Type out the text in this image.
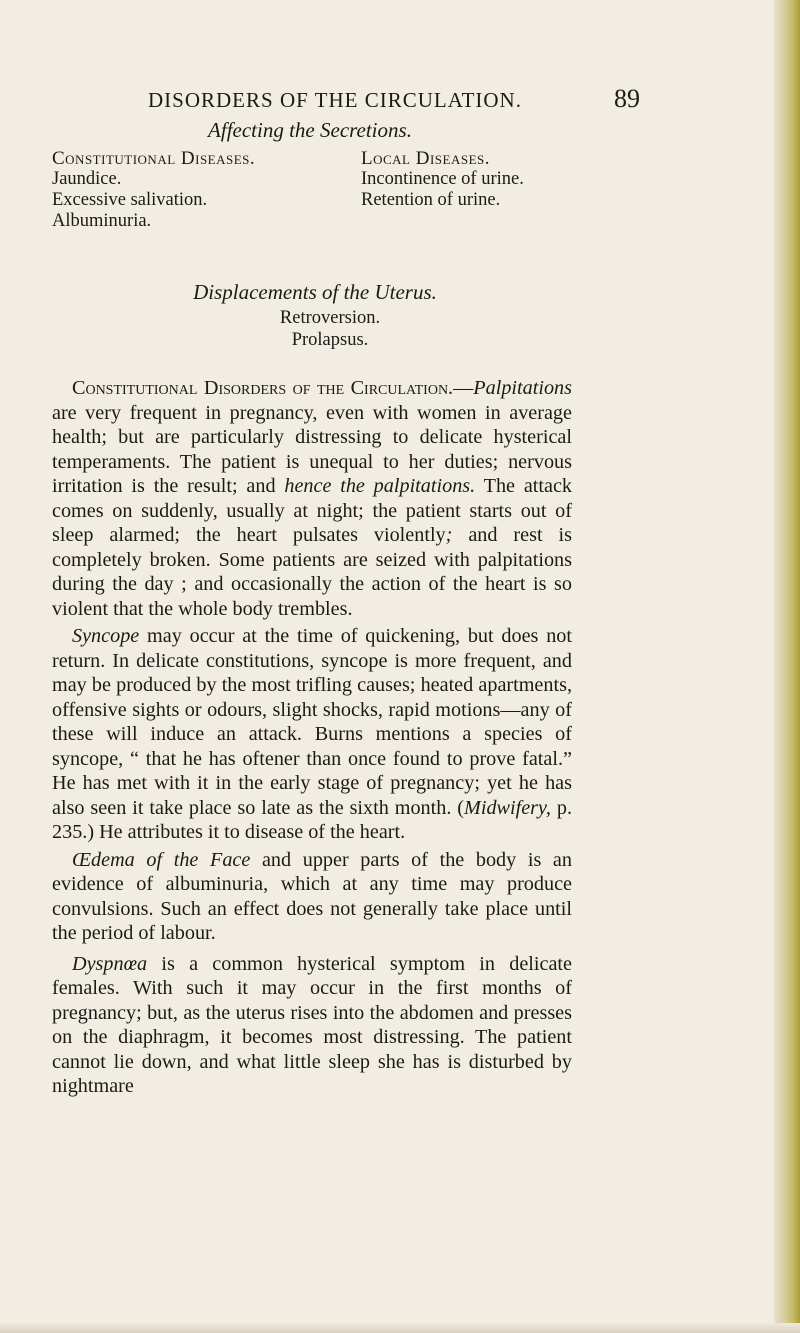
DISORDERS OF THE CIRCULATION.	89
Affecting the Secretions.
Constitutional Diseases.
Jaundice.
Excessive salivation.
Albuminuria.
Local Diseases.
Incontinence of urine.
Retention of urine.
Displacements of the Uterus.
Retroversion.
Prolapsus.

Constitutional Disorders of the Circulation.—Palpitations are very frequent in pregnancy, even with women in average health; but are particularly distressing to delicate hysterical temperaments. The patient is unequal to her duties; nervous irritation is the result; and hence the palpitations. The attack comes on suddenly, usually at night; the patient starts out of sleep alarmed; the heart pulsates violently; and rest is completely broken. Some patients are seized with palpitations during the day ; and occasionally the action of the heart is so violent that the whole body trembles.

Syncope may occur at the time of quickening, but does not return. In delicate constitutions, syncope is more frequent, and may be produced by the most trifling causes; heated apartments, offensive sights or odours, slight shocks, rapid motions—any of these will induce an attack. Burns mentions a species of syncope, “ that he has oftener than once found to prove fatal.” He has met with it in the early stage of pregnancy; yet he has also seen it take place so late as the sixth month. (Midwifery, p. 235.) He attributes it to disease of the heart.

Œdema of the Face and upper parts of the body is an evidence of albuminuria, which at any time may produce convulsions. Such an effect does not generally take place until the period of labour.

Dyspnœa is a common hysterical symptom in delicate females. With such it may occur in the first months of pregnancy; but, as the uterus rises into the abdomen and presses on the diaphragm, it becomes most distressing. The patient cannot lie down, and what little sleep she has is disturbed by nightmare
